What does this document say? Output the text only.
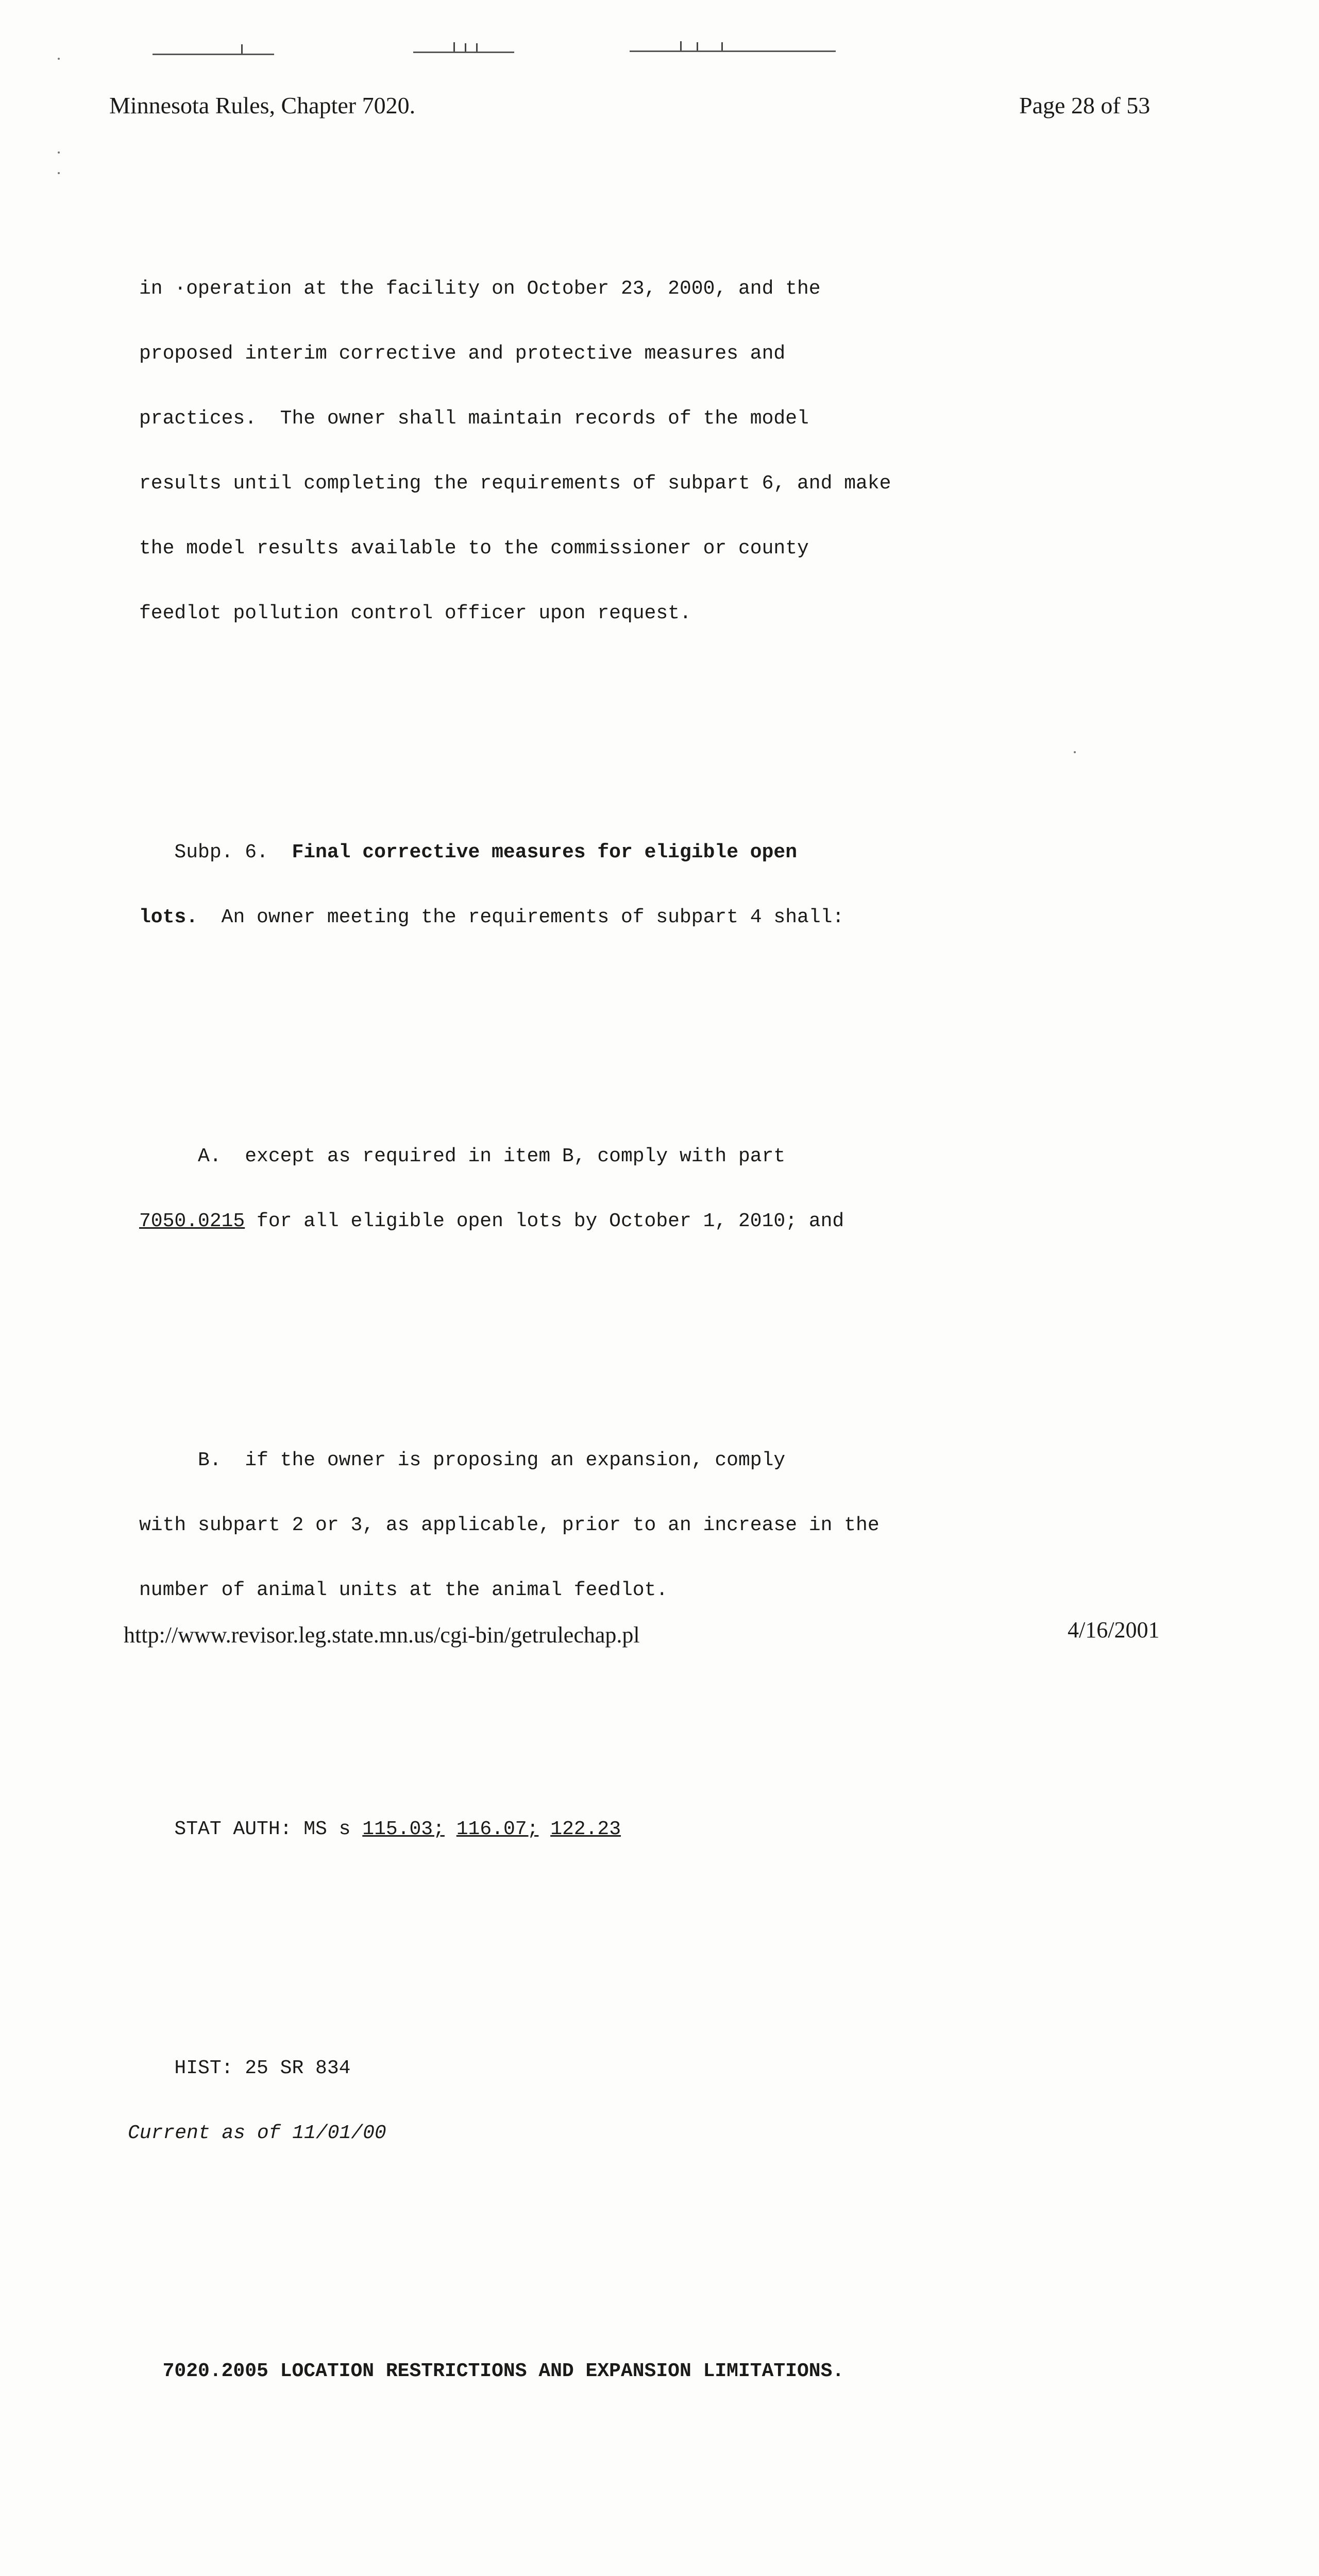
Minnesota Rules, Chapter 7020.	Page 28 of 53

in ·operation at the facility on October 23, 2000, and the

proposed interim corrective and protective measures and

practices.  The owner shall maintain records of the model

results until completing the requirements of subpart 6, and make

the model results available to the commissioner or county

feedlot pollution control officer upon request.

Subp. 6.  Final corrective measures for eligible open

lots.  An owner meeting the requirements of subpart 4 shall:

A.  except as required in item B, comply with part

7050.0215 for all eligible open lots by October 1, 2010; and

B.  if the owner is proposing an expansion, comply

with subpart 2 or 3, as applicable, prior to an increase in the

number of animal units at the animal feedlot.

STAT AUTH: MS s 115.03; 116.07; 122.23

HIST: 25 SR 834

Current as of 11/01/00

7020.2005 LOCATION RESTRICTIONS AND EXPANSION LIMITATIONS.

http://www.revisor.leg.state.mn.us/cgi-bin/getrulechap.pl	4/16/2001
